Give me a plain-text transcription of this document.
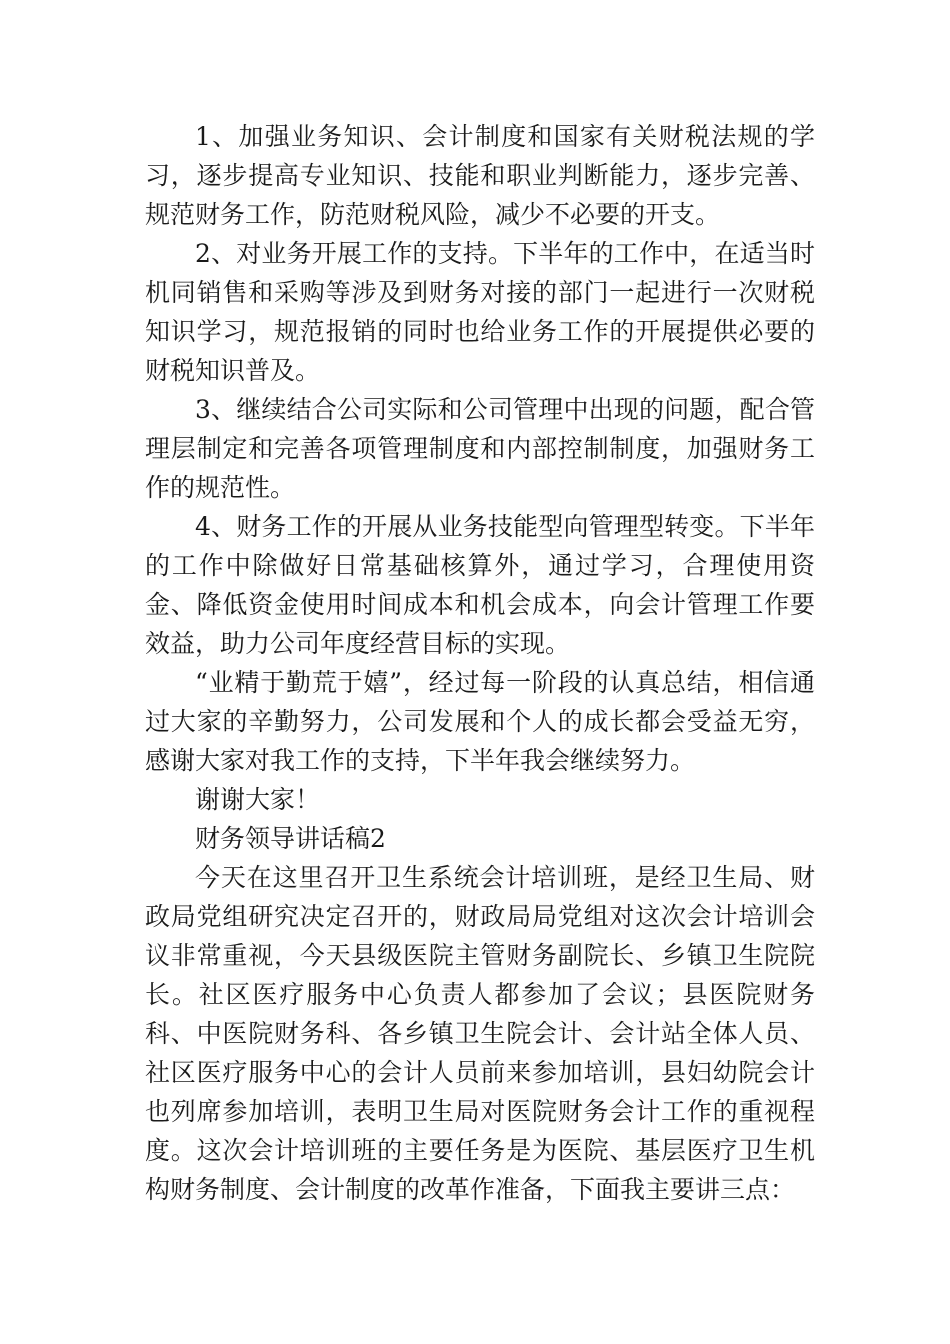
1、加强业务知识、会计制度和国家有关财税法规的学习，逐步提高专业知识、技能和职业判断能力，逐步完善、规范财务工作，防范财税风险，减少不必要的开支。

2、对业务开展工作的支持。下半年的工作中，在适当时机同销售和采购等涉及到财务对接的部门一起进行一次财税知识学习，规范报销的同时也给业务工作的开展提供必要的财税知识普及。

3、继续结合公司实际和公司管理中出现的问题，配合管理层制定和完善各项管理制度和内部控制制度，加强财务工作的规范性。

4、财务工作的开展从业务技能型向管理型转变。下半年的工作中除做好日常基础核算外，通过学习，合理使用资金、降低资金使用时间成本和机会成本，向会计管理工作要效益，助力公司年度经营目标的实现。

“业精于勤荒于嬉”，经过每一阶段的认真总结，相信通过大家的辛勤努力，公司发展和个人的成长都会受益无穷，感谢大家对我工作的支持，下半年我会继续努力。

谢谢大家！

财务领导讲话稿2

今天在这里召开卫生系统会计培训班，是经卫生局、财政局党组研究决定召开的，财政局局党组对这次会计培训会议非常重视，今天县级医院主管财务副院长、乡镇卫生院院长。社区医疗服务中心负责人都参加了会议；县医院财务科、中医院财务科、各乡镇卫生院会计、会计站全体人员、社区医疗服务中心的会计人员前来参加培训，县妇幼院会计也列席参加培训，表明卫生局对医院财务会计工作的重视程度。这次会计培训班的主要任务是为医院、基层医疗卫生机构财务制度、会计制度的改革作准备，下面我主要讲三点：
